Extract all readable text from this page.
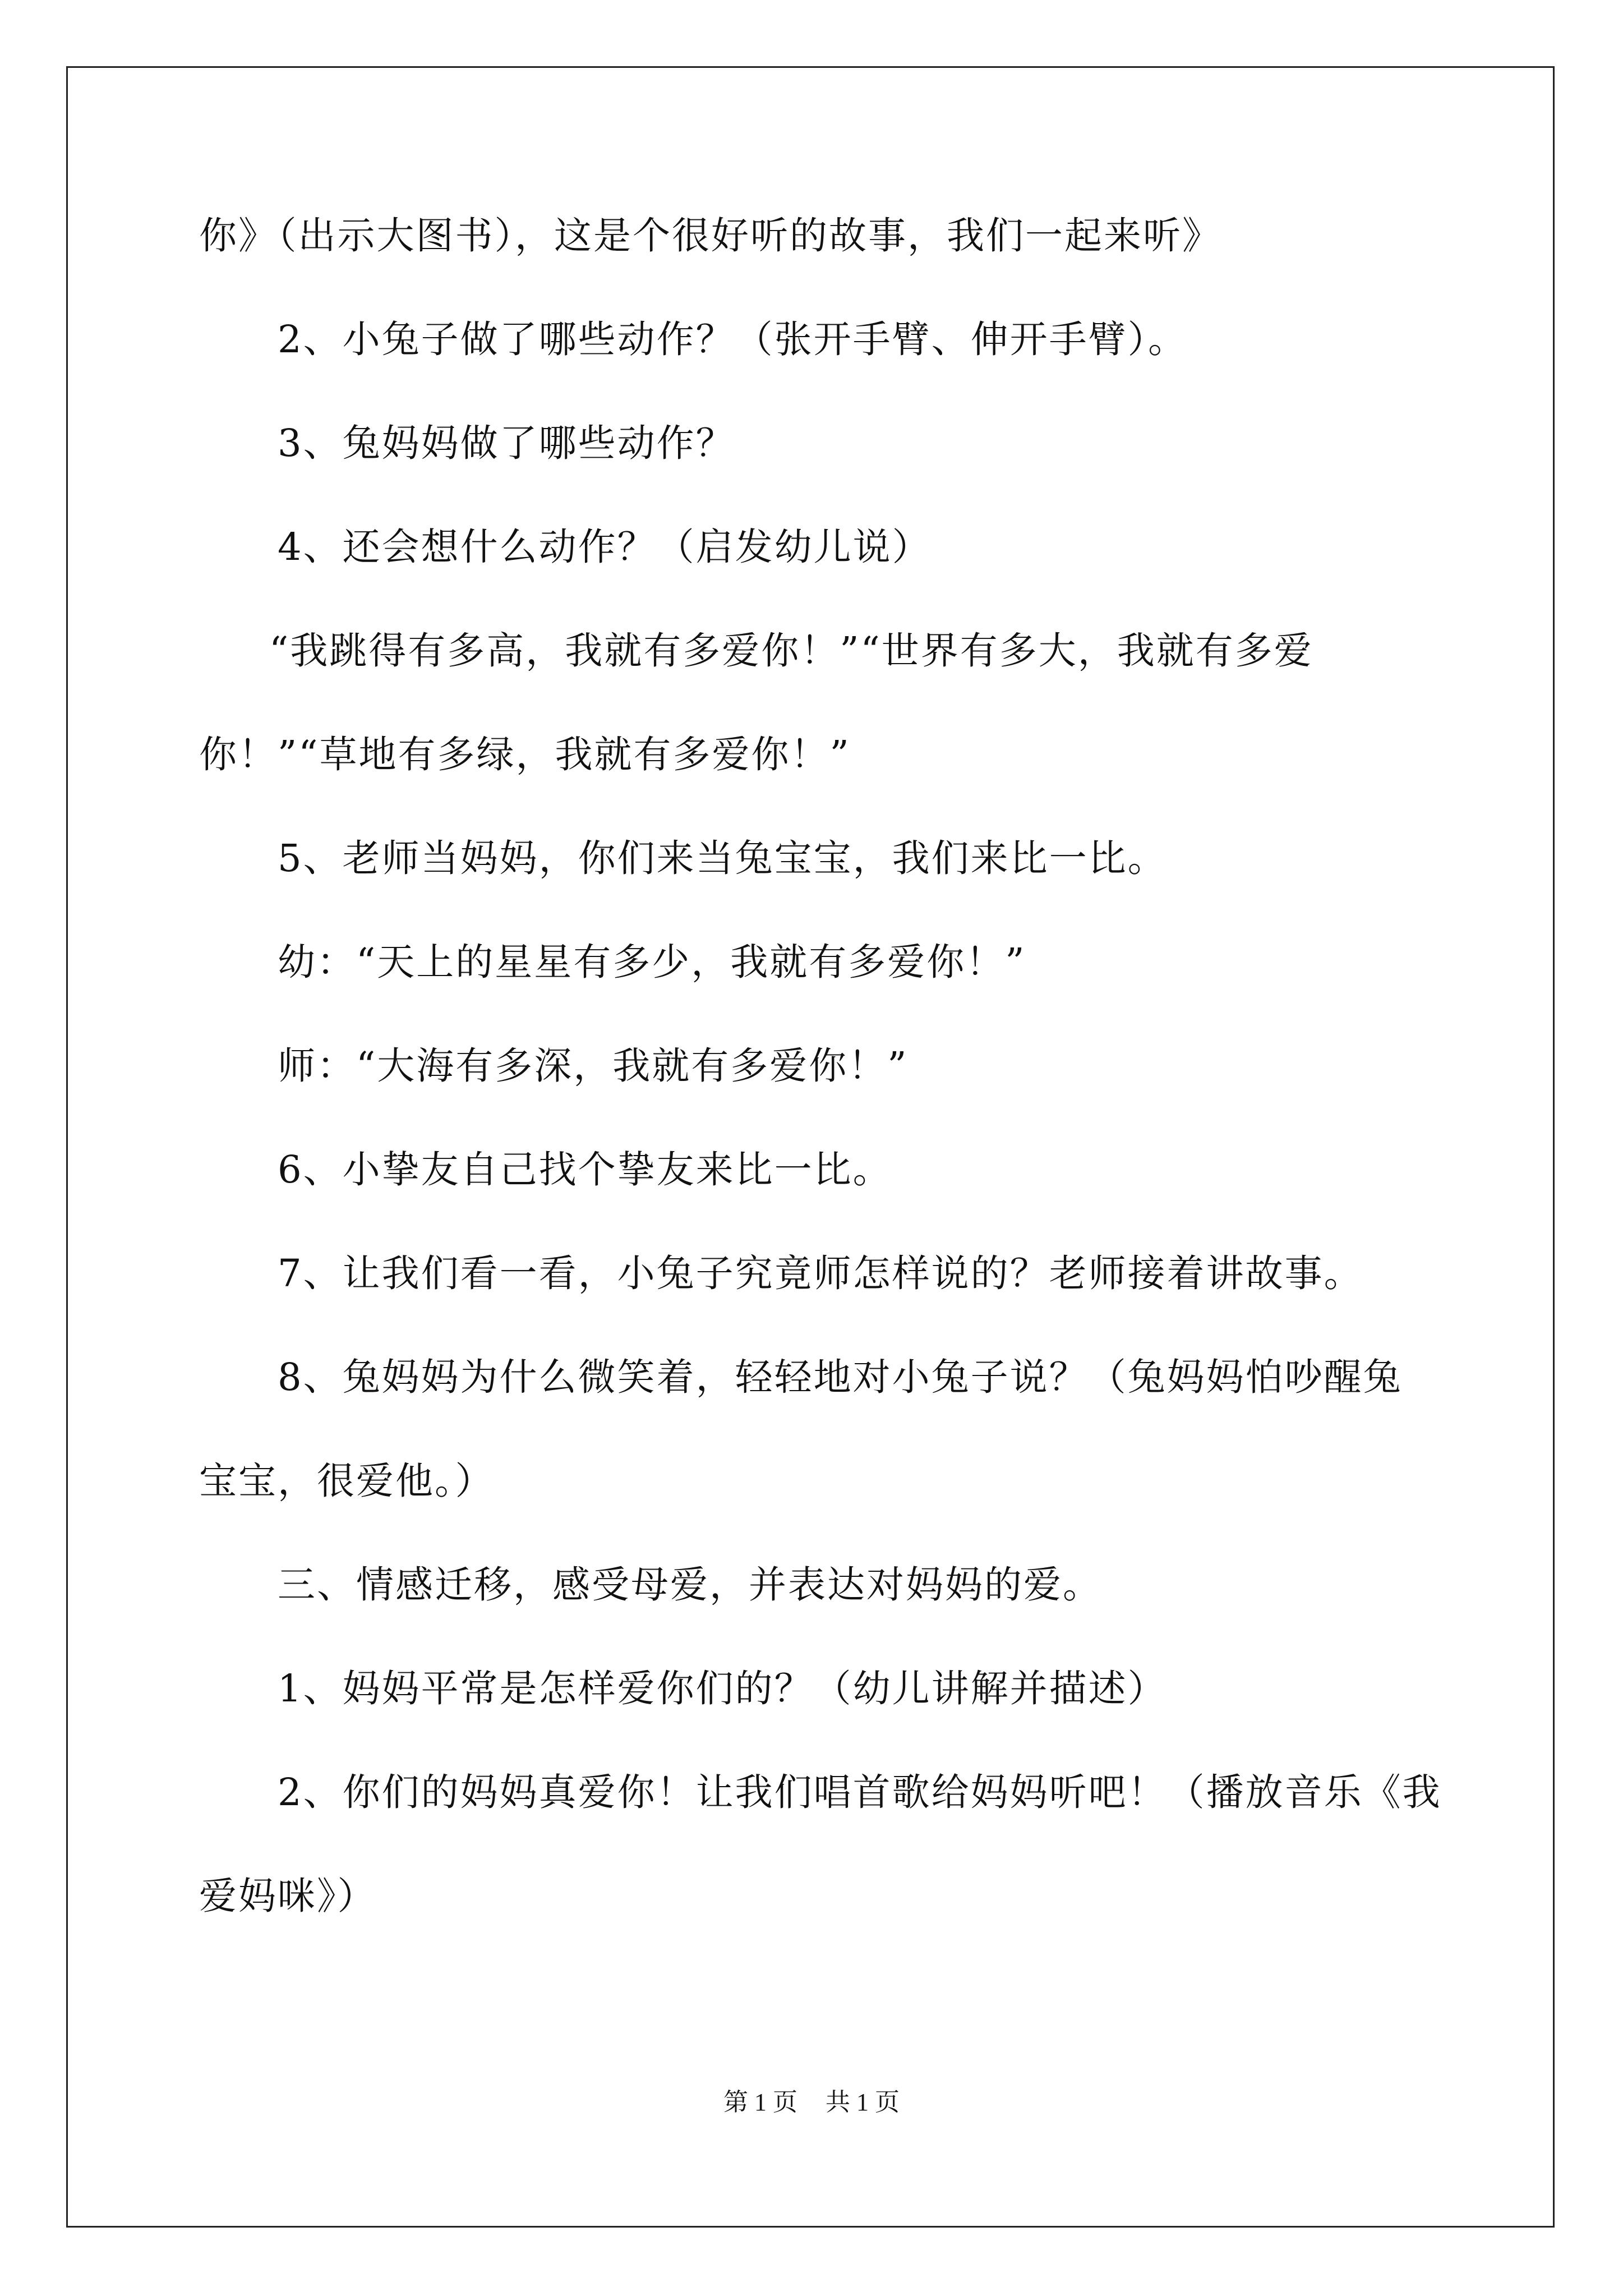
你》（出示大图书），这是个很好听的故事，我们一起来听》

2、小兔子做了哪些动作？（张开手臂、伸开手臂）。

3、兔妈妈做了哪些动作？

4、还会想什么动作？（启发幼儿说）

“我跳得有多高，我就有多爱你！”“世界有多大，我就有多爱

你！”“草地有多绿，我就有多爱你！”

5、老师当妈妈，你们来当兔宝宝，我们来比一比。

幼：“天上的星星有多少，我就有多爱你！”

师：“大海有多深，我就有多爱你！”

6、小挚友自己找个挚友来比一比。

7、让我们看一看，小兔子究竟师怎样说的？老师接着讲故事。

8、兔妈妈为什么微笑着，轻轻地对小兔子说？（兔妈妈怕吵醒兔

宝宝，很爱他。）

三、情感迁移，感受母爱，并表达对妈妈的爱。

1、妈妈平常是怎样爱你们的？（幼儿讲解并描述）

2、你们的妈妈真爱你！让我们唱首歌给妈妈听吧！（播放音乐《我

爱妈咪》）

第 1 页 共 1 页
